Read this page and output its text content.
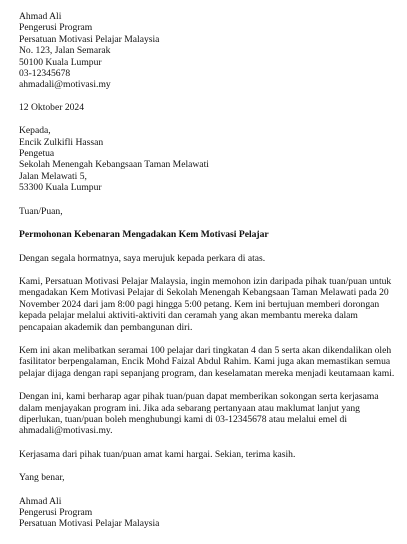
Ahmad Ali
Pengerusi Program
Persatuan Motivasi Pelajar Malaysia
No. 123, Jalan Semarak
50100 Kuala Lumpur
03-12345678
ahmadali@motivasi.my
12 Oktober 2024
Kepada,
Encik Zulkifli Hassan
Pengetua
Sekolah Menengah Kebangsaan Taman Melawati
Jalan Melawati 5,
53300 Kuala Lumpur
Tuan/Puan,
Permohonan Kebenaran Mengadakan Kem Motivasi Pelajar

Dengan segala hormatnya, saya merujuk kepada perkara di atas.

Kami, Persatuan Motivasi Pelajar Malaysia, ingin memohon izin daripada pihak tuan/puan untuk mengadakan Kem Motivasi Pelajar di Sekolah Menengah Kebangsaan Taman Melawati pada 20 November 2024 dari jam 8:00 pagi hingga 5:00 petang. Kem ini bertujuan memberi dorongan kepada pelajar melalui aktiviti-aktiviti dan ceramah yang akan membantu mereka dalam pencapaian akademik dan pembangunan diri.

Kem ini akan melibatkan seramai 100 pelajar dari tingkatan 4 dan 5 serta akan dikendalikan oleh fasilitator berpengalaman, Encik Mohd Faizal Abdul Rahim. Kami juga akan memastikan semua pelajar dijaga dengan rapi sepanjang program, dan keselamatan mereka menjadi keutamaan kami.

Dengan ini, kami berharap agar pihak tuan/puan dapat memberikan sokongan serta kerjasama dalam menjayakan program ini. Jika ada sebarang pertanyaan atau maklumat lanjut yang diperlukan, tuan/puan boleh menghubungi kami di 03-12345678 atau melalui emel di ahmadali@motivasi.my.

Kerjasama dari pihak tuan/puan amat kami hargai. Sekian, terima kasih.

Yang benar,
Ahmad Ali
Pengerusi Program
Persatuan Motivasi Pelajar Malaysia
